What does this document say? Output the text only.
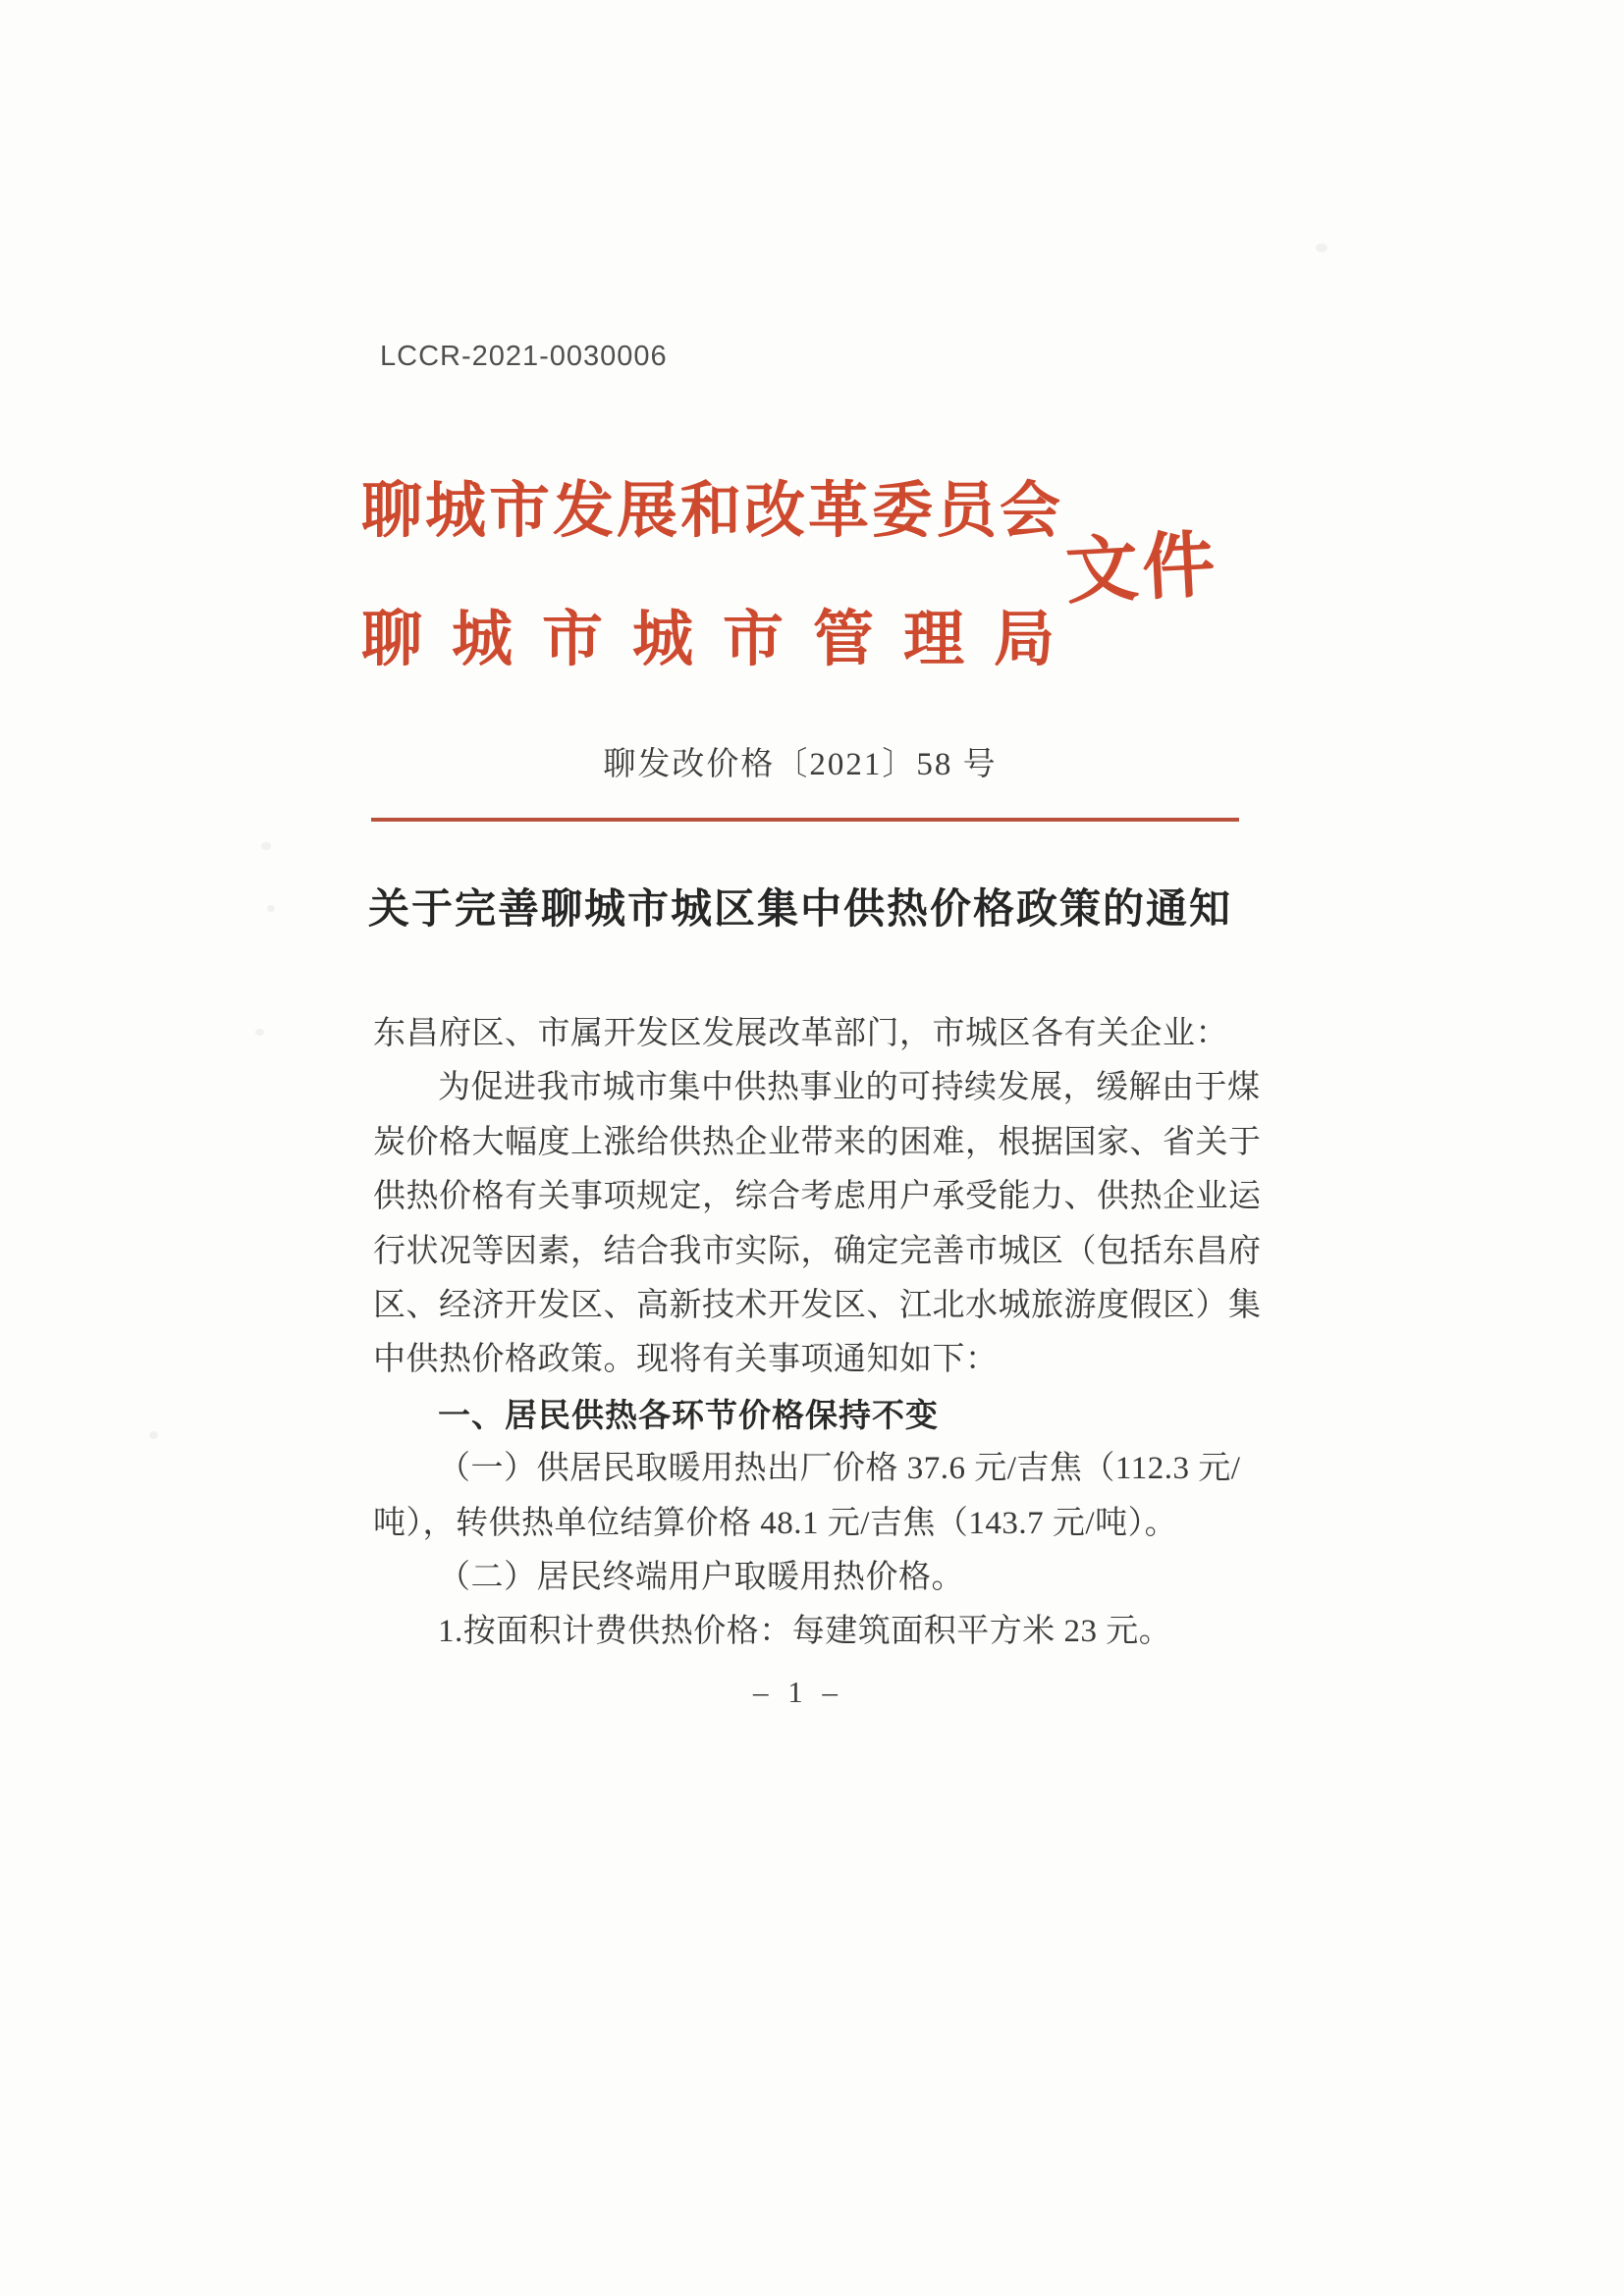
LCCR-2021-0030006
聊城市发展和改革委员会
聊城市城市管理局
文件
聊发改价格〔2021〕58 号
关于完善聊城市城区集中供热价格政策的通知
东昌府区、市属开发区发展改革部门，市城区各有关企业：
为促进我市城市集中供热事业的可持续发展，缓解由于煤
炭价格大幅度上涨给供热企业带来的困难，根据国家、省关于
供热价格有关事项规定，综合考虑用户承受能力、供热企业运
行状况等因素，结合我市实际，确定完善市城区（包括东昌府
区、经济开发区、高新技术开发区、江北水城旅游度假区）集
中供热价格政策。现将有关事项通知如下：
一、居民供热各环节价格保持不变
（一）供居民取暖用热出厂价格 37.6 元/吉焦（112.3 元/
吨），转供热单位结算价格 48.1 元/吉焦（143.7 元/吨）。
（二）居民终端用户取暖用热价格。
1.按面积计费供热价格：每建筑面积平方米 23 元。
– 1 –
